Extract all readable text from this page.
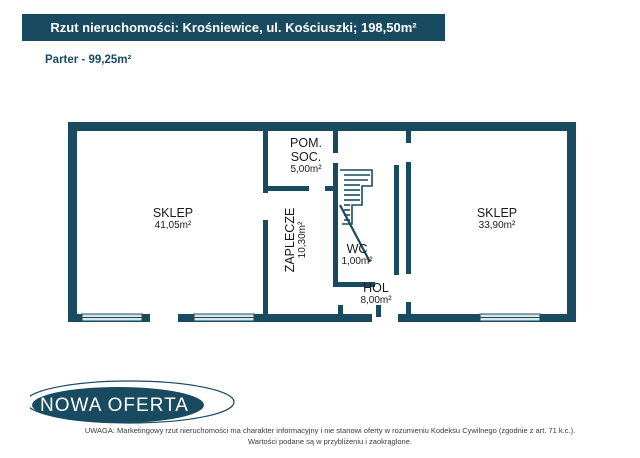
Rzut nieruchomości: Krośniewice, ul. Kościuszki; 198,50m²
Parter - 99,25m²
SKLEP
41,05m²
POM.
SOC.
5,00m²
ZAPLECZE 10,30m²	WC
1,00m²
HOL
8,00m²
SKLEP
33,90m²
NOWA OFERTA
UWAGA: Marketingowy rzut nieruchomości ma charakter informacyjny i nie stanowi oferty w rozumieniu Kodeksu Cywilnego (zgodnie z art. 71 k.c.).
Wartości podane są w przybliżeniu i zaokrąglone.
